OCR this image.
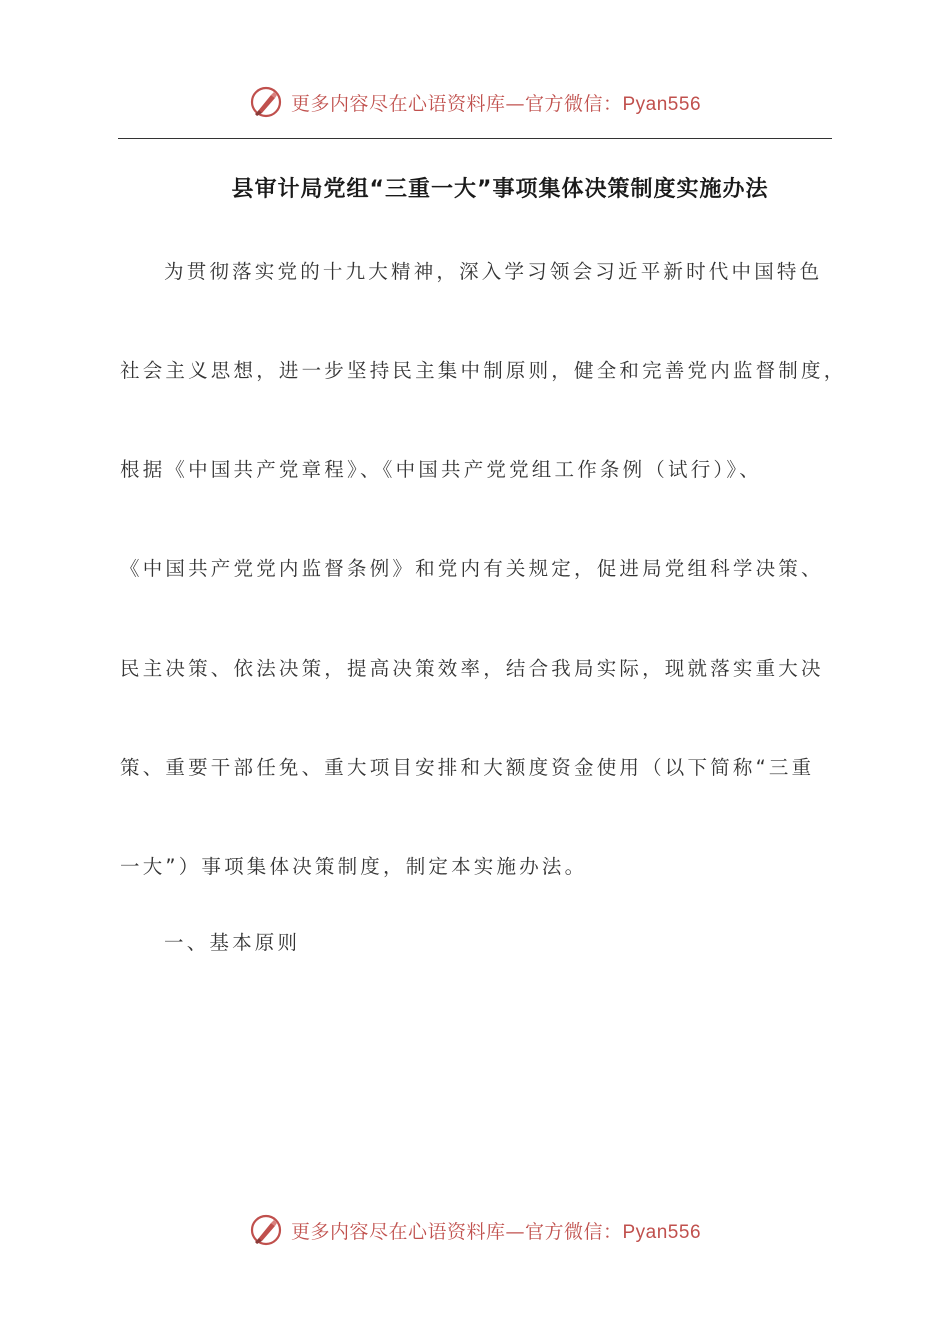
更多内容尽在心语资料库—官方微信：Pyan556
县审计局党组“三重一大”事项集体决策制度实施办法
为贯彻落实党的十九大精神，深入学习领会习近平新时代中国特色
社会主义思想，进一步坚持民主集中制原则，健全和完善党内监督制度，
根据《中国共产党章程》、《中国共产党党组工作条例（试行）》、
《中国共产党党内监督条例》和党内有关规定，促进局党组科学决策、
民主决策、依法决策，提高决策效率，结合我局实际，现就落实重大决
策、重要干部任免、重大项目安排和大额度资金使用（以下简称“三重
一大”）事项集体决策制度，制定本实施办法。
一、基本原则
更多内容尽在心语资料库—官方微信：Pyan556
